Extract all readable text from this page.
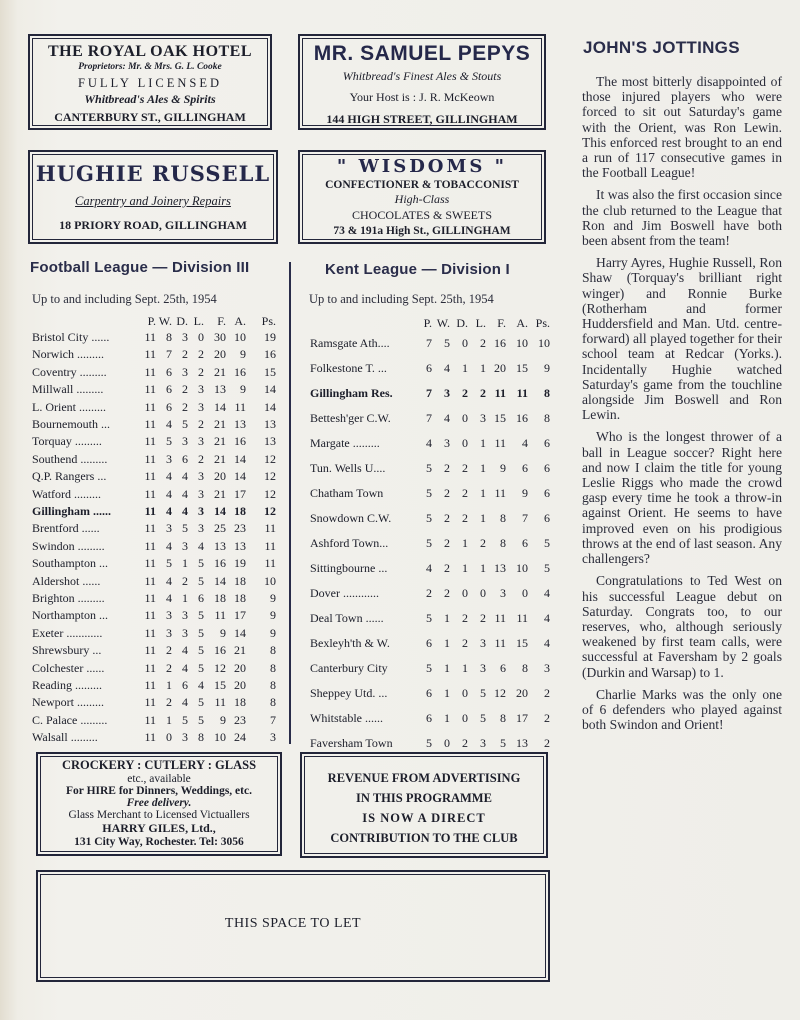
THE ROYAL OAK HOTEL
Proprietors: Mr. & Mrs. G. L. Cooke
FULLY LICENSED
Whitbread's Ales & Spirits
CANTERBURY ST., GILLINGHAM
MR. SAMUEL PEPYS
Whitbread's Finest Ales & Stouts
Your Host is : J. R. McKeown
144 HIGH STREET, GILLINGHAM
HUGHIE RUSSELL
Carpentry and Joinery Repairs
18 PRIORY ROAD, GILLINGHAM
" WISDOMS "
CONFECTIONER & TOBACCONIST
High-Class
CHOCOLATES & SWEETS
73 & 191a High St., GILLINGHAM
Football League — Division III
Up to and including Sept. 25th, 1954
P. W. D. L. F. A. Ps.
Bristol City ......	11 8 3 0 30 10 19
Norwich .........	11 7 2 2 20 9 16
Coventry .........	11 6 3 2 21 16 15
Millwall .........	11 6 2 3 13 9 14
L. Orient .........	11 6 2 3 14 11 14
Bournemouth ...	11 4 5 2 21 13 13
Torquay .........	11 5 3 3 21 16 13
Southend .........	11 3 6 2 21 14 12
Q.P. Rangers ...	11 4 4 3 20 14 12
Watford .........	11 4 4 3 21 17 12
Gillingham ......	11 4 4 3 14 18 12
Brentford ......	11 3 5 3 25 23 11
Swindon .........	11 4 3 4 13 13 11
Southampton ...	11 5 1 5 16 19 11
Aldershot ......	11 4 2 5 14 18 10
Brighton .........	11 4 1 6 18 18 9
Northampton ...	11 3 3 5 11 17 9
Exeter ............	11 3 3 5 9 14 9
Shrewsbury ...	11 2 4 5 16 21 8
Colchester ......	11 2 4 5 12 20 8
Reading .........	11 1 6 4 15 20 8
Newport .........	11 2 4 5 11 18 8
C. Palace .........	11 1 5 5 9 23 7
Walsall .........	11 0 3 8 10 24 3
Kent League — Division I
Up to and including Sept. 25th, 1954
P. W. D. L. F. A. Ps.
Ramsgate Ath....	7 5 0 2 16 10 10
Folkestone T. ...	6 4 1 1 20 15 9
Gillingham Res.	7 3 2 2 11 11 8
Bettesh'ger C.W.	7 4 0 3 15 16 8
Margate .........	4 3 0 1 11 4 6
Tun. Wells U....	5 2 2 1 9 6 6
Chatham Town	5 2 2 1 11 9 6
Snowdown C.W.	5 2 2 1 8 7 6
Ashford Town...	5 2 1 2 8 6 5
Sittingbourne ...	4 2 1 1 13 10 5
Dover ............	2 2 0 0 3 0 4
Deal Town ......	5 1 2 2 11 11 4
Bexleyh'th & W.	6 1 2 3 11 15 4
Canterbury City	5 1 1 3 6 8 3
Sheppey Utd. ...	6 1 0 5 12 20 2
Whitstable ......	6 1 0 5 8 17 2
Faversham Town	5 0 2 3 5 13 2
CROCKERY : CUTLERY : GLASS
etc., available
For HIRE for Dinners, Weddings, etc.
Free delivery.
Glass Merchant to Licensed Victuallers
HARRY GILES, Ltd.,
131 City Way, Rochester. Tel: 3056
REVENUE FROM ADVERTISING
IN THIS PROGRAMME
IS NOW A DIRECT
CONTRIBUTION TO THE CLUB
THIS SPACE TO LET
JOHN'S JOTTINGS

The most bitterly disappointed of those injured players who were forced to sit out Saturday's game with the Orient, was Ron Lewin. This enforced rest brought to an end a run of 117 consecutive games in the Football League!

It was also the first occasion since the club returned to the League that Ron and Jim Boswell have both been absent from the team!

Harry Ayres, Hughie Russell, Ron Shaw (Torquay's brilliant right winger) and Ronnie Burke (Rotherham and former Huddersfield and Man. Utd. centre-forward) all played together for their school team at Redcar (Yorks.). Incidentally Hughie watched Saturday's game from the touchline alongside Jim Boswell and Ron Lewin.

Who is the longest thrower of a ball in League soccer? Right here and now I claim the title for young Leslie Riggs who made the crowd gasp every time he took a throw-in against Orient. He seems to have improved even on his prodigious throws at the end of last season. Any challengers?

Congratulations to Ted West on his successful League debut on Saturday. Congrats too, to our reserves, who, although seriously weakened by first team calls, were successful at Faversham by 2 goals (Durkin and Warsap) to 1.

Charlie Marks was the only one of 6 defenders who played against both Swindon and Orient!
